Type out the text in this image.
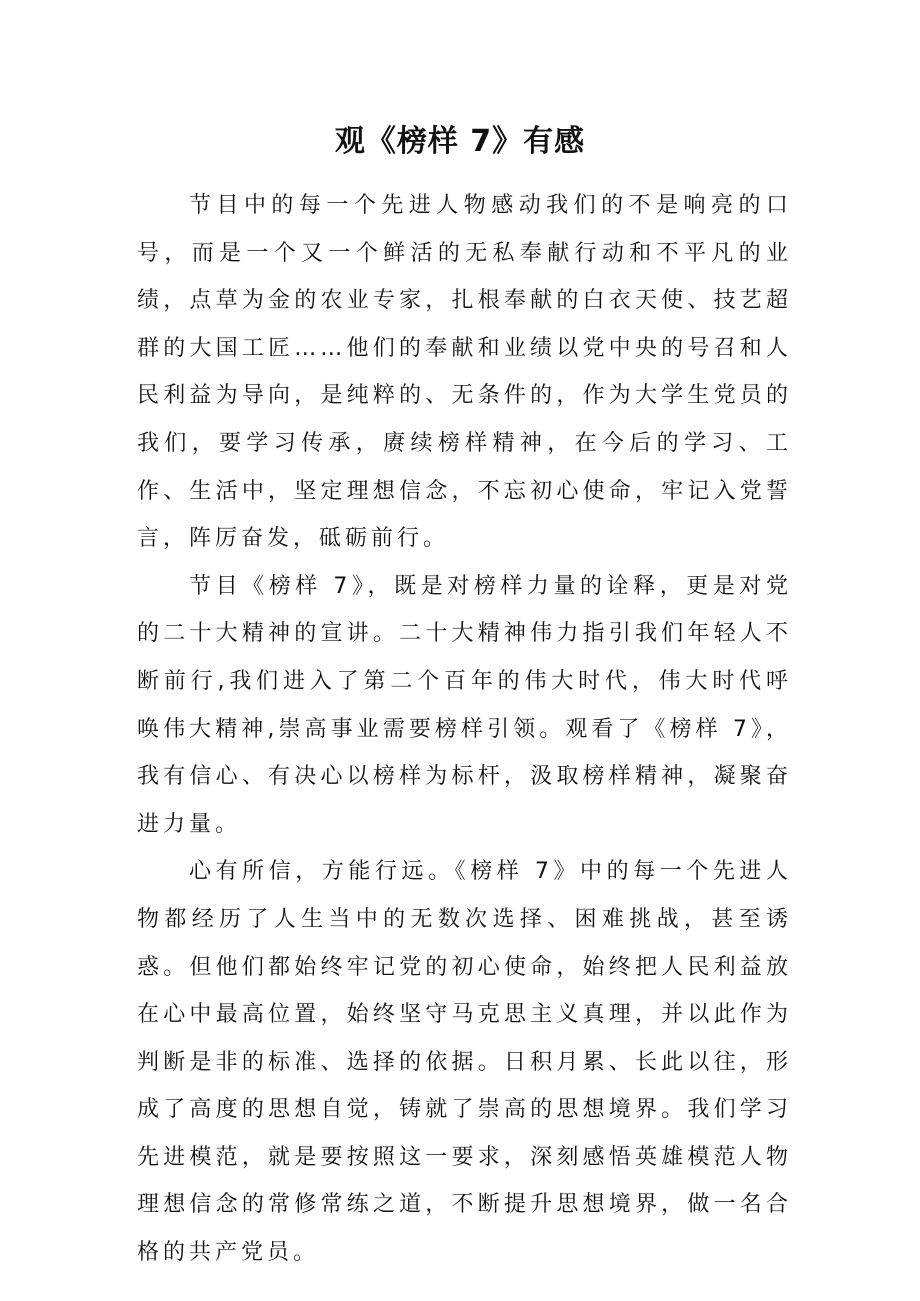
观《榜样 7》有感

节目中的每一个先进人物感动我们的不是响亮的口号，而是一个又一个鲜活的无私奉献行动和不平凡的业绩，点草为金的农业专家，扎根奉献的白衣天使、技艺超群的大国工匠……他们的奉献和业绩以党中央的号召和人民利益为导向，是纯粹的、无条件的，作为大学生党员的我们，要学习传承，赓续榜样精神，在今后的学习、工作、生活中，坚定理想信念，不忘初心使命，牢记入党誓言，阵厉奋发，砥砺前行。

节目《榜样 7》，既是对榜样力量的诠释，更是对党的二十大精神的宣讲。二十大精神伟力指引我们年轻人不断前行,我们进入了第二个百年的伟大时代，伟大时代呼唤伟大精神,崇高事业需要榜样引领。观看了《榜样 7》，我有信心、有决心以榜样为标杆，汲取榜样精神，凝聚奋进力量。

心有所信，方能行远。《榜样 7》中的每一个先进人物都经历了人生当中的无数次选择、困难挑战，甚至诱惑。但他们都始终牢记党的初心使命，始终把人民利益放在心中最高位置，始终坚守马克思主义真理，并以此作为判断是非的标准、选择的依据。日积月累、长此以往，形成了高度的思想自觉，铸就了崇高的思想境界。我们学习先进模范，就是要按照这一要求，深刻感悟英雄模范人物理想信念的常修常练之道，不断提升思想境界，做一名合格的共产党员。
